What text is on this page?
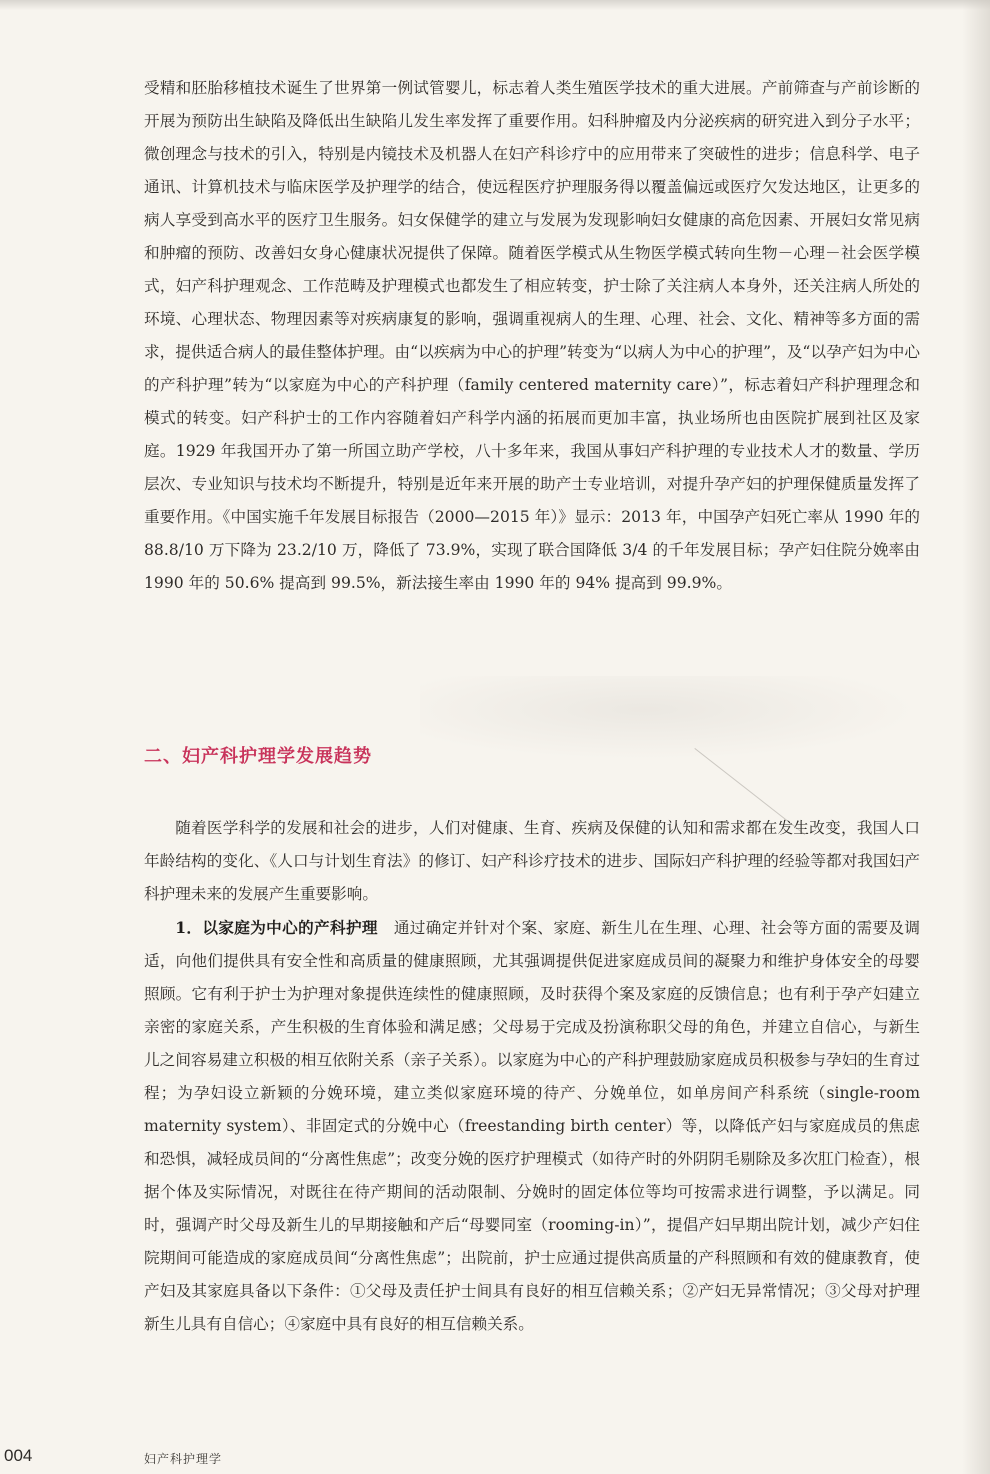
受精和胚胎移植技术诞生了世界第一例试管婴儿，标志着人类生殖医学技术的重大进展。产前筛查与产前诊断的开展为预防出生缺陷及降低出生缺陷儿发生率发挥了重要作用。妇科肿瘤及内分泌疾病的研究进入到分子水平；微创理念与技术的引入，特别是内镜技术及机器人在妇产科诊疗中的应用带来了突破性的进步；信息科学、电子通讯、计算机技术与临床医学及护理学的结合，使远程医疗护理服务得以覆盖偏远或医疗欠发达地区，让更多的病人享受到高水平的医疗卫生服务。妇女保健学的建立与发展为发现影响妇女健康的高危因素、开展妇女常见病和肿瘤的预防、改善妇女身心健康状况提供了保障。随着医学模式从生物医学模式转向生物－心理－社会医学模式，妇产科护理观念、工作范畴及护理模式也都发生了相应转变，护士除了关注病人本身外，还关注病人所处的环境、心理状态、物理因素等对疾病康复的影响，强调重视病人的生理、心理、社会、文化、精神等多方面的需求，提供适合病人的最佳整体护理。由“以疾病为中心的护理”转变为“以病人为中心的护理”，及“以孕产妇为中心的产科护理”转为“以家庭为中心的产科护理（family centered maternity care）”，标志着妇产科护理理念和模式的转变。妇产科护士的工作内容随着妇产科学内涵的拓展而更加丰富，执业场所也由医院扩展到社区及家庭。1929 年我国开办了第一所国立助产学校，八十多年来，我国从事妇产科护理的专业技术人才的数量、学历层次、专业知识与技术均不断提升，特别是近年来开展的助产士专业培训，对提升孕产妇的护理保健质量发挥了重要作用。《中国实施千年发展目标报告（2000—2015 年）》显示：2013 年，中国孕产妇死亡率从 1990 年的 88.8/10 万下降为 23.2/10 万，降低了 73.9%，实现了联合国降低 3/4 的千年发展目标；孕产妇住院分娩率由 1990 年的 50.6% 提高到 99.5%，新法接生率由 1990 年的 94% 提高到 99.9%。

二、妇产科护理学发展趋势

随着医学科学的发展和社会的进步，人们对健康、生育、疾病及保健的认知和需求都在发生改变，我国人口年龄结构的变化、《人口与计划生育法》的修订、妇产科诊疗技术的进步、国际妇产科护理的经验等都对我国妇产科护理未来的发展产生重要影响。

1．以家庭为中心的产科护理　通过确定并针对个案、家庭、新生儿在生理、心理、社会等方面的需要及调适，向他们提供具有安全性和高质量的健康照顾，尤其强调提供促进家庭成员间的凝聚力和维护身体安全的母婴照顾。它有利于护士为护理对象提供连续性的健康照顾，及时获得个案及家庭的反馈信息；也有利于孕产妇建立亲密的家庭关系，产生积极的生育体验和满足感；父母易于完成及扮演称职父母的角色，并建立自信心，与新生儿之间容易建立积极的相互依附关系（亲子关系）。以家庭为中心的产科护理鼓励家庭成员积极参与孕妇的生育过程；为孕妇设立新颖的分娩环境，建立类似家庭环境的待产、分娩单位，如单房间产科系统（single-room maternity system）、非固定式的分娩中心（freestanding birth center）等，以降低产妇与家庭成员的焦虑和恐惧，减轻成员间的“分离性焦虑”；改变分娩的医疗护理模式（如待产时的外阴阴毛剔除及多次肛门检查），根据个体及实际情况，对既往在待产期间的活动限制、分娩时的固定体位等均可按需求进行调整，予以满足。同时，强调产时父母及新生儿的早期接触和产后“母婴同室（rooming-in）”，提倡产妇早期出院计划，减少产妇住院期间可能造成的家庭成员间“分离性焦虑”；出院前，护士应通过提供高质量的产科照顾和有效的健康教育，使产妇及其家庭具备以下条件：①父母及责任护士间具有良好的相互信赖关系；②产妇无异常情况；③父母对护理新生儿具有自信心；④家庭中具有良好的相互信赖关系。

004	妇产科护理学
